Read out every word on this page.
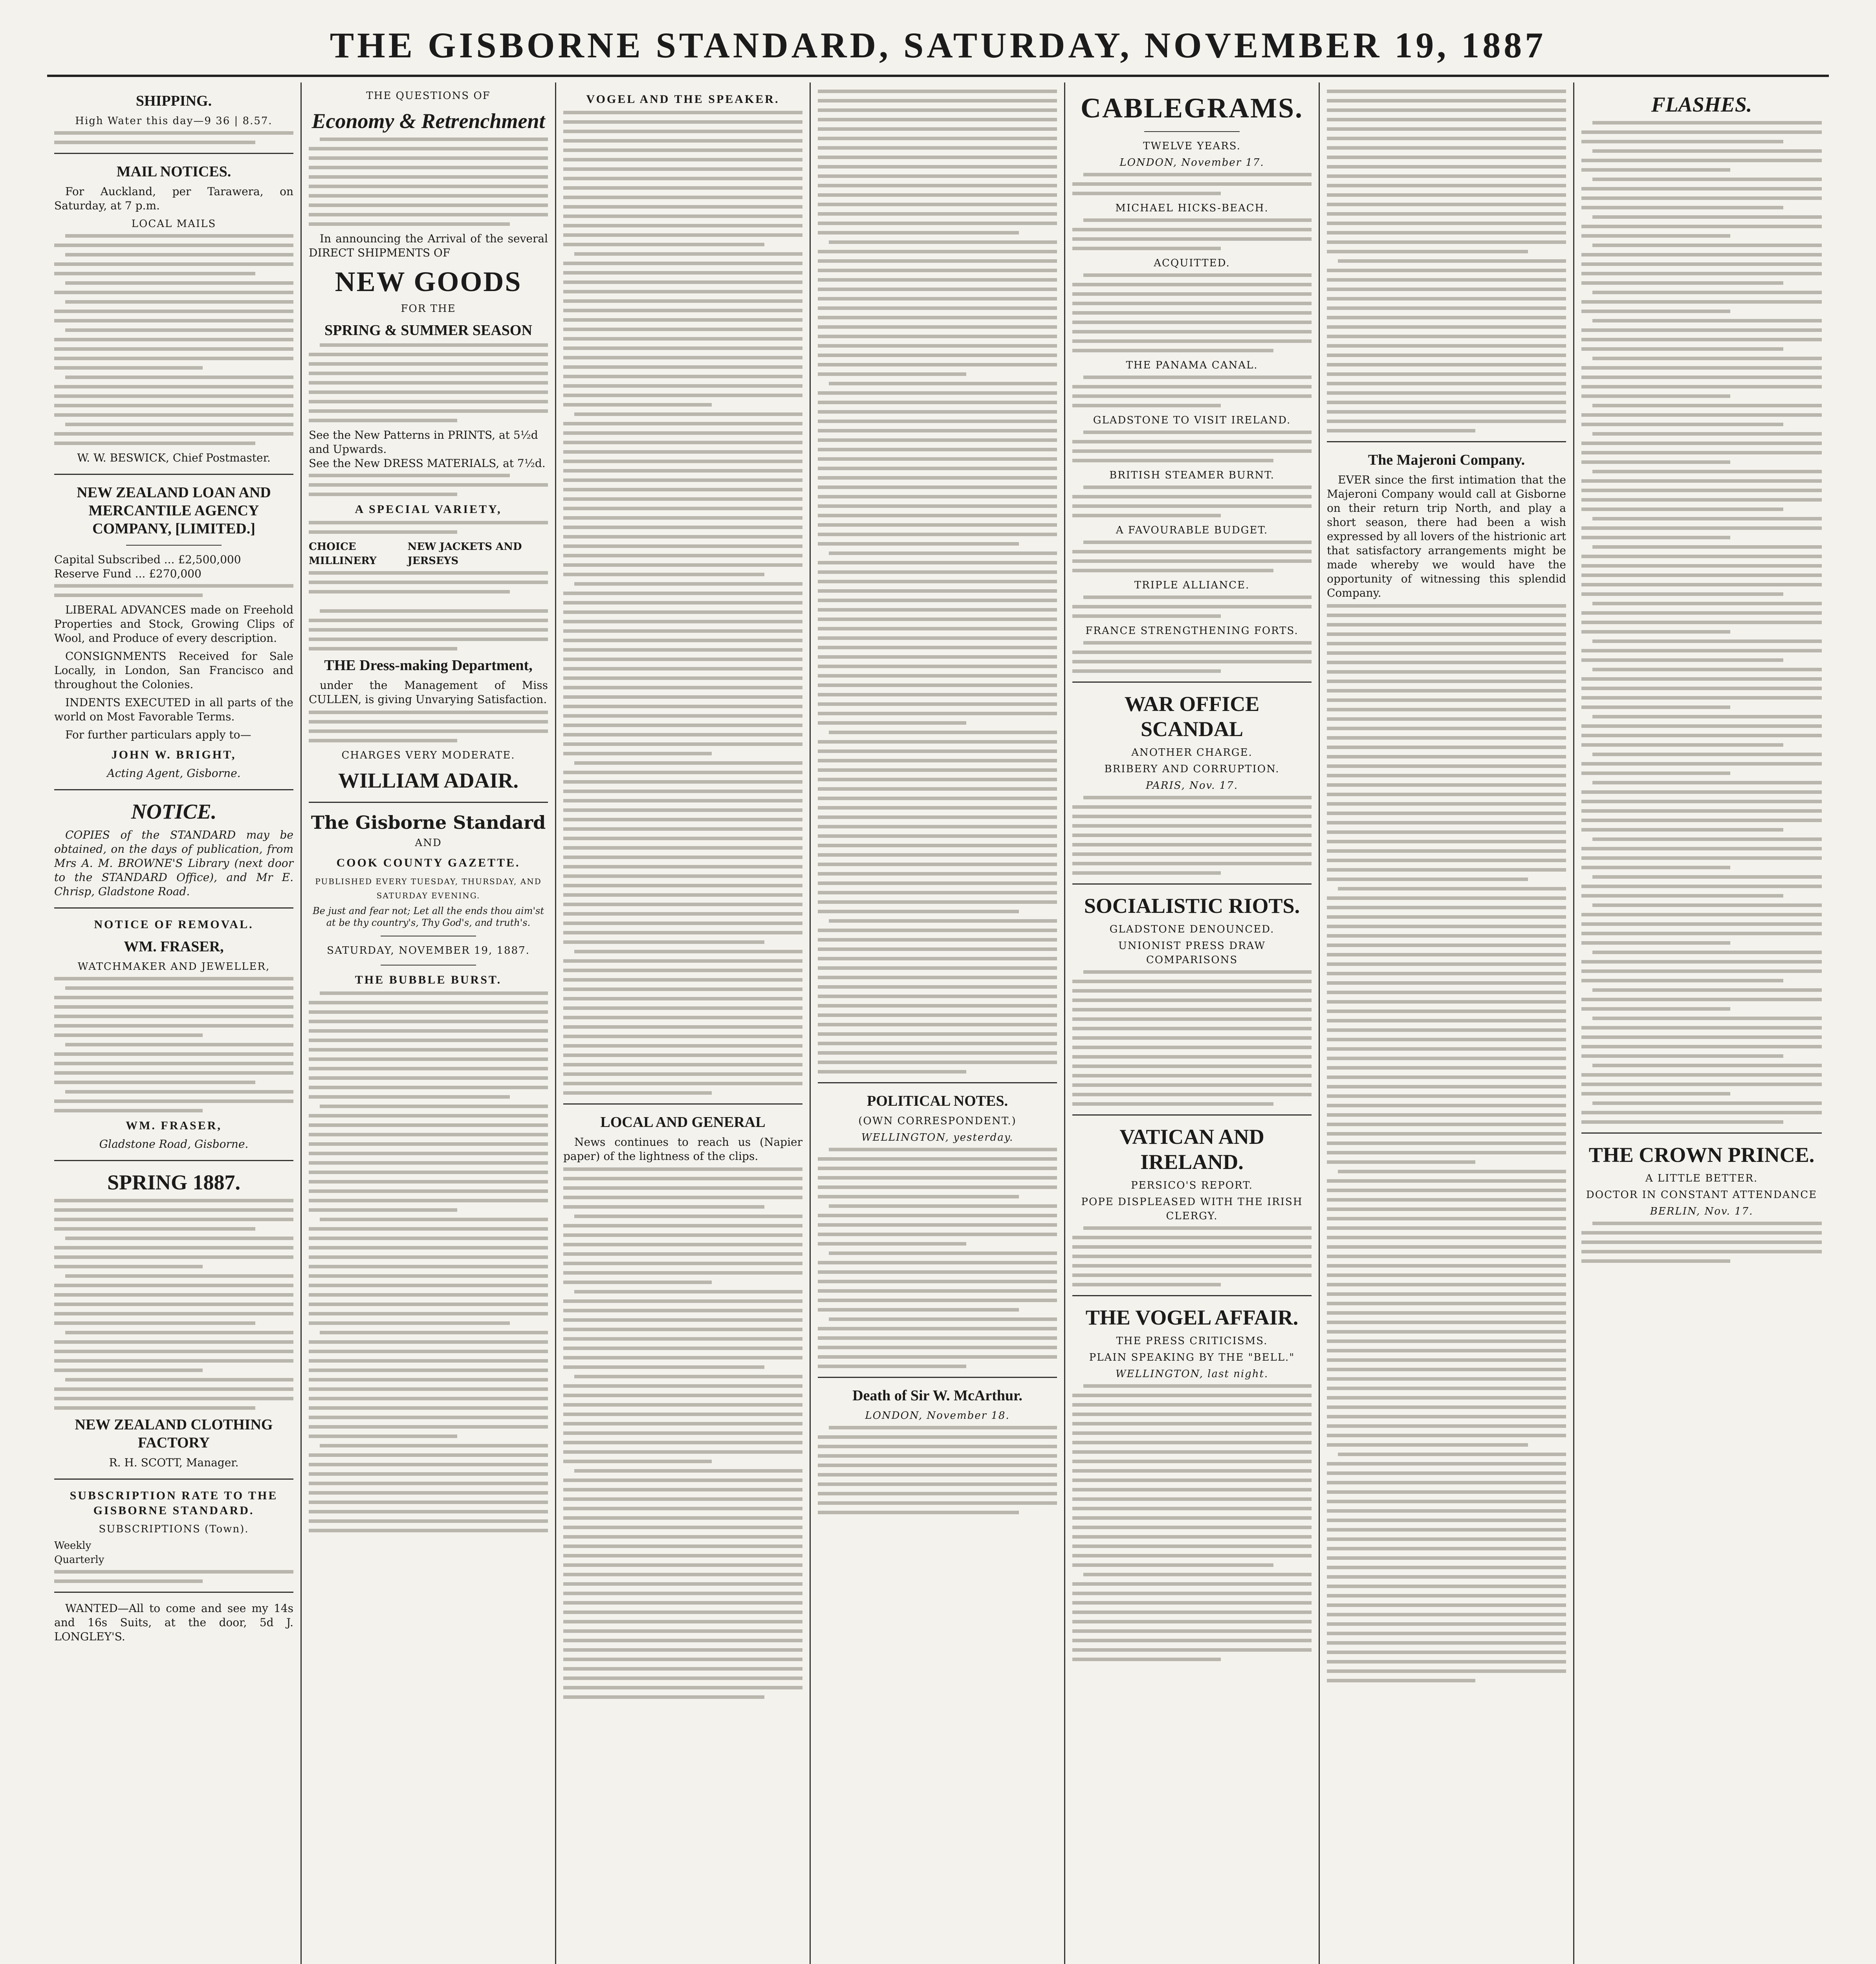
THE GISBORNE STANDARD, SATURDAY, NOVEMBER 19, 1887
SHIPPING.
High Water this day—9 36 | 8.57.
MAIL NOTICES.

For Auckland, per Tarawera, on Saturday, at 7 p.m.

LOCAL MAILS
W. W. BESWICK, Chief Postmaster.
NEW ZEALAND LOAN AND MERCANTILE AGENCY COMPANY, [LIMITED.]
Capital Subscribed ... £2,500,000
Reserve Fund ... £270,000

LIBERAL ADVANCES made on Freehold Properties and Stock, Growing Clips of Wool, and Produce of every description.

CONSIGNMENTS Received for Sale Locally, in London, San Francisco and throughout the Colonies.

INDENTS EXECUTED in all parts of the world on Most Favorable Terms.

For further particulars apply to—

JOHN W. BRIGHT,
Acting Agent, Gisborne.
NOTICE.

COPIES of the STANDARD may be obtained, on the days of publication, from Mrs A. M. BROWNE'S Library (next door to the STANDARD Office), and Mr E. Chrisp, Gladstone Road.

NOTICE OF REMOVAL.
WM. FRASER,
WATCHMAKER AND JEWELLER,
WM. FRASER,
Gladstone Road, Gisborne.
SPRING 1887.
NEW ZEALAND CLOTHING FACTORY
R. H. SCOTT, Manager.
SUBSCRIPTION RATE TO THE GISBORNE STANDARD.
SUBSCRIPTIONS (Town).
Weekly
Quarterly

WANTED—All to come and see my 14s and 16s Suits, at the door, 5d J. LONGLEY'S.

THE QUESTIONS OF
Economy & Retrenchment

In announcing the Arrival of the several DIRECT SHIPMENTS OF

NEW GOODS
FOR THE
SPRING & SUMMER SEASON
See the New Patterns in PRINTS, at 5½d and Upwards.
See the New DRESS MATERIALS, at 7½d.
A SPECIAL VARIETY,
CHOICE MILLINERY
NEW JACKETS AND JERSEYS
THE Dress-making Department,

under the Management of Miss CULLEN, is giving Unvarying Satisfaction.

CHARGES VERY MODERATE.
WILLIAM ADAIR.
The Gisborne Standard
AND
COOK COUNTY GAZETTE.
PUBLISHED EVERY TUESDAY, THURSDAY, AND SATURDAY EVENING.
Be just and fear not; Let all the ends thou aim'st at be thy country's, Thy God's, and truth's.
SATURDAY, NOVEMBER 19, 1887.
THE BUBBLE BURST.
VOGEL AND THE SPEAKER.
LOCAL AND GENERAL

News continues to reach us (Napier paper) of the lightness of the clips.

POLITICAL NOTES.
(OWN CORRESPONDENT.)
WELLINGTON, yesterday.
Death of Sir W. McArthur.
LONDON, November 18.
CABLEGRAMS.
TWELVE YEARS.
LONDON, November 17.
MICHAEL HICKS-BEACH.
ACQUITTED.
THE PANAMA CANAL.
GLADSTONE TO VISIT IRELAND.
BRITISH STEAMER BURNT.
A FAVOURABLE BUDGET.
TRIPLE ALLIANCE.
FRANCE STRENGTHENING FORTS.
WAR OFFICE SCANDAL
ANOTHER CHARGE.
BRIBERY AND CORRUPTION.
PARIS, Nov. 17.
SOCIALISTIC RIOTS.
GLADSTONE DENOUNCED.
UNIONIST PRESS DRAW COMPARISONS
VATICAN AND IRELAND.
PERSICO'S REPORT.
POPE DISPLEASED WITH THE IRISH CLERGY.
THE VOGEL AFFAIR.
THE PRESS CRITICISMS.
PLAIN SPEAKING BY THE "BELL."
WELLINGTON, last night.
The Majeroni Company.

EVER since the first intimation that the Majeroni Company would call at Gisborne on their return trip North, and play a short season, there had been a wish expressed by all lovers of the histrionic art that satisfactory arrangements might be made whereby we would have the opportunity of witnessing this splendid Company.

FLASHES.
THE CROWN PRINCE.
A LITTLE BETTER.
DOCTOR IN CONSTANT ATTENDANCE
BERLIN, Nov. 17.
